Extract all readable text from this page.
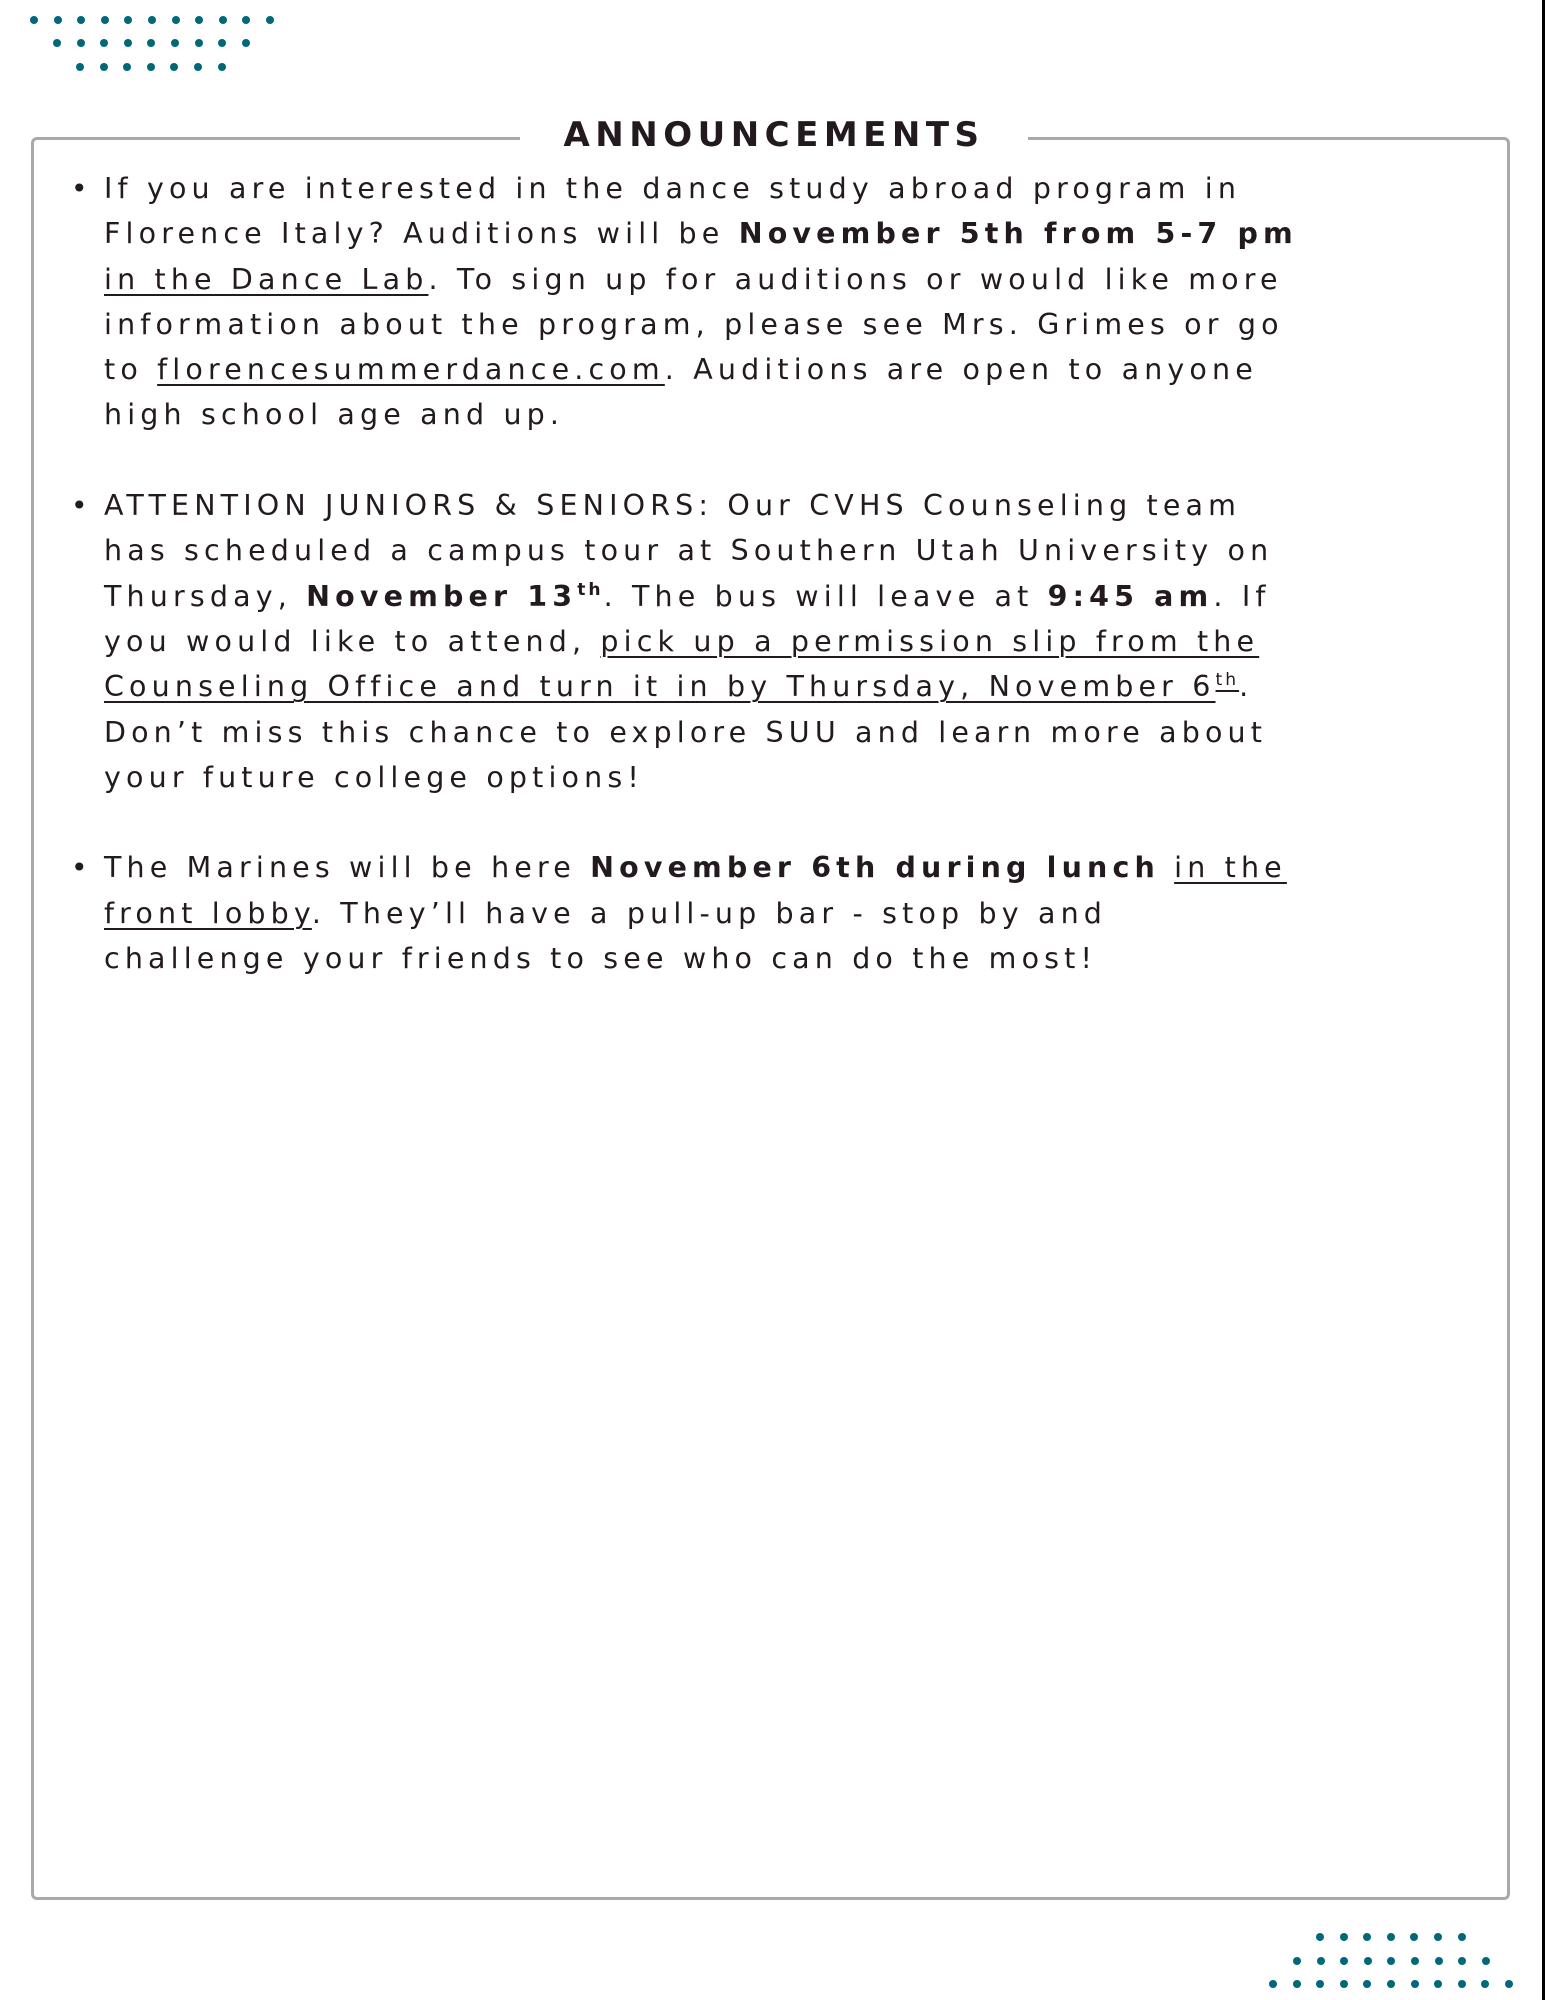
ANNOUNCEMENTS
• If you are interested in the dance study abroad program in
Florence Italy? Auditions will be November 5th from 5-7 pm
in the Dance Lab. To sign up for auditions or would like more
information about the program, please see Mrs. Grimes or go
to florencesummerdance.com. Auditions are open to anyone
high school age and up.
• ATTENTION JUNIORS & SENIORS: Our CVHS Counseling team
has scheduled a campus tour at Southern Utah University on
Thursday, November 13th. The bus will leave at 9:45 am. If
you would like to attend, pick up a permission slip from the
Counseling Office and turn it in by Thursday, November 6th.
Don’t miss this chance to explore SUU and learn more about
your future college options!
• The Marines will be here November 6th during lunch in the
front lobby. They’ll have a pull-up bar - stop by and
challenge your friends to see who can do the most!
